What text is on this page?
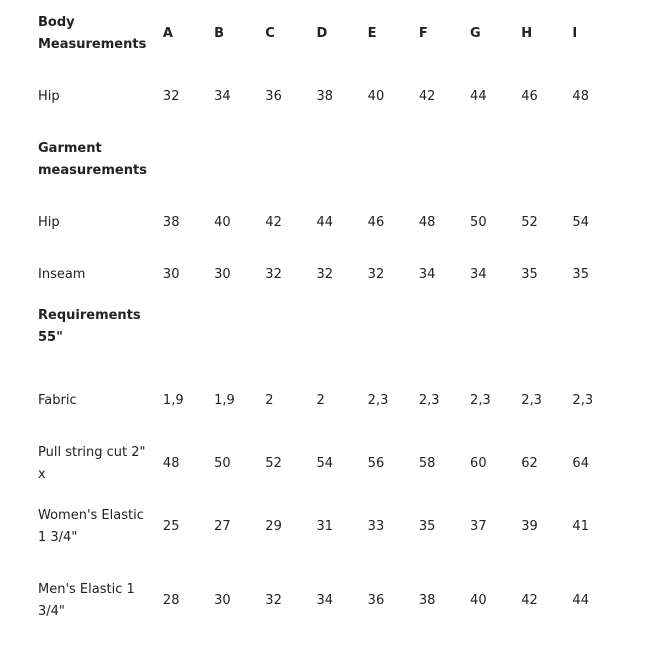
Body Measurements	A	B	C	D	E	F	G	H	I
Hip	32	34	36	38	40	42	44	46	48
Garment measurements									
Hip	38	40	42	44	46	48	50	52	54
Inseam	30	30	32	32	32	34	34	35	35
Requirements 55"									
Fabric	1,9	1,9	2	2	2,3	2,3	2,3	2,3	2,3
Pull string cut 2" x	48	50	52	54	56	58	60	62	64
Women's Elastic 1 3/4"	25	27	29	31	33	35	37	39	41
Men's Elastic 1 3/4"	28	30	32	34	36	38	40	42	44
